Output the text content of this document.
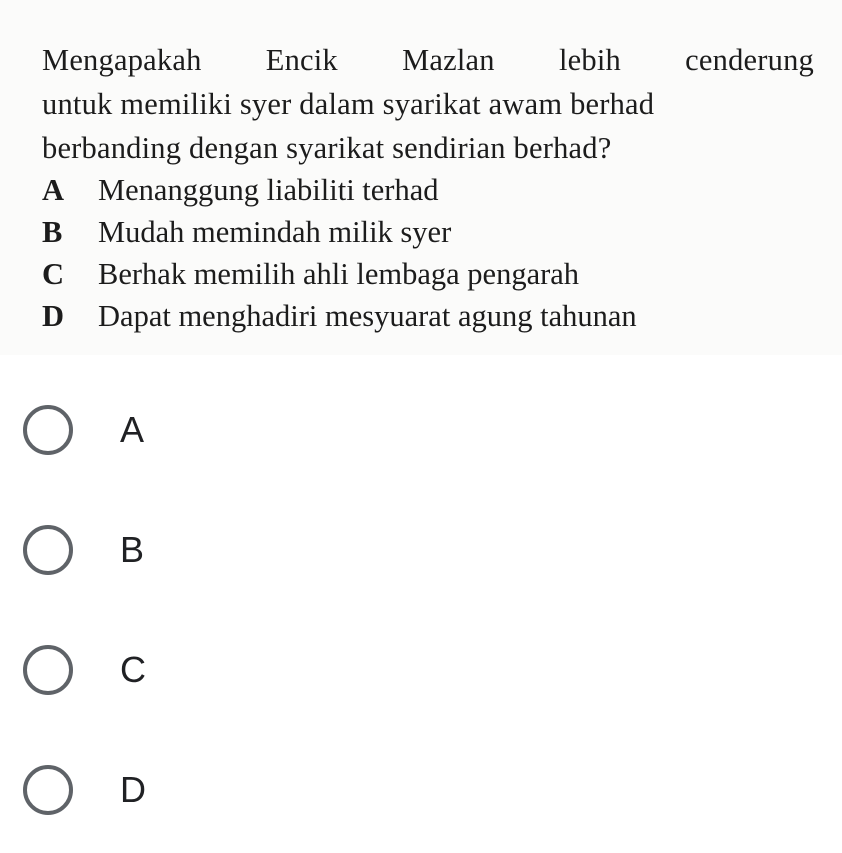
Mengapakah Encik Mazlan lebih cenderung
untuk memiliki syer dalam syarikat awam berhad
berbanding dengan syarikat sendirian berhad?
A Menanggung liabiliti terhad
B Mudah memindah milik syer
C Berhak memilih ahli lembaga pengarah
D Dapat menghadiri mesyuarat agung tahunan
A
B
C
D
